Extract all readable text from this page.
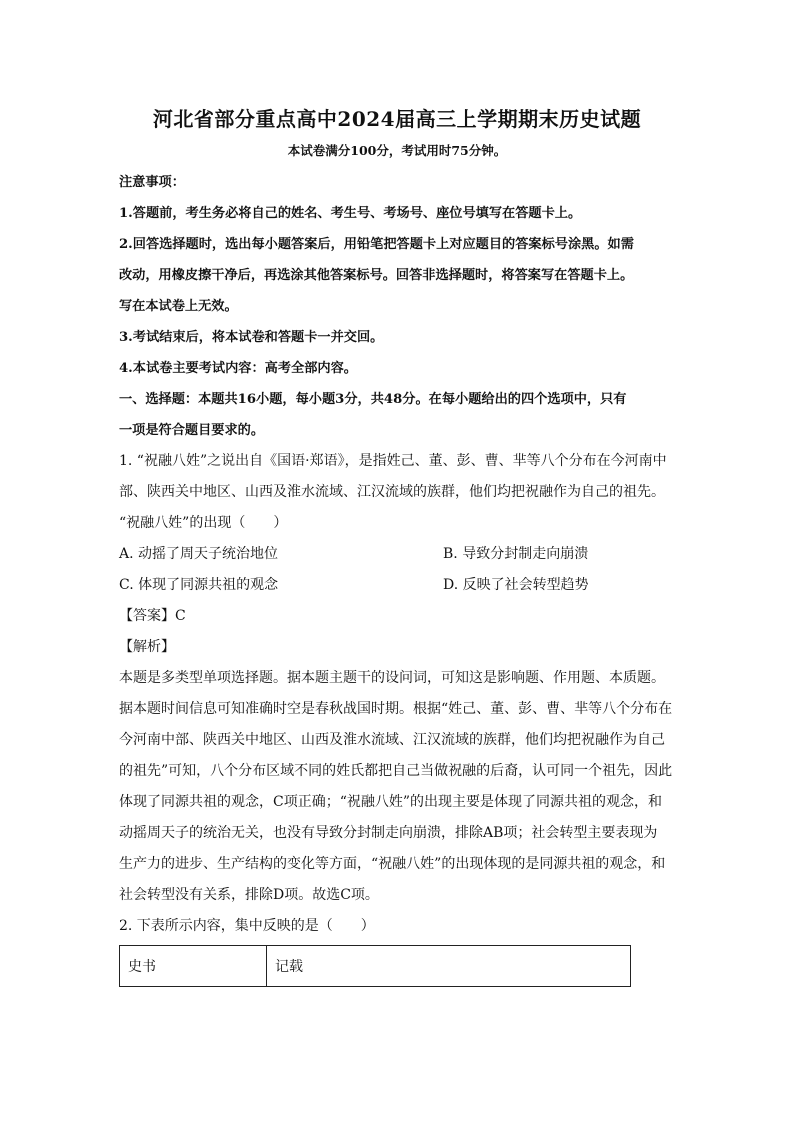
河北省部分重点高中2024届高三上学期期末历史试题
本试卷满分100分，考试用时75分钟。

注意事项：

1.答题前，考生务必将自己的姓名、考生号、考场号、座位号填写在答题卡上。

2.回答选择题时，选出每小题答案后，用铅笔把答题卡上对应题目的答案标号涂黑。如需

改动，用橡皮擦干净后，再选涂其他答案标号。回答非选择题时，将答案写在答题卡上。

写在本试卷上无效。

3.考试结束后，将本试卷和答题卡一并交回。

4.本试卷主要考试内容：高考全部内容。

一、选择题：本题共16小题，每小题3分，共48分。在每小题给出的四个选项中，只有

一项是符合题目要求的。

1. “祝融八姓”之说出自《国语·郑语》，是指姓己、董、彭、曹、芈等八个分布在今河南中

部、陕西关中地区、山西及淮水流域、江汉流域的族群，他们均把祝融作为自己的祖先。

“祝融八姓”的出现（　　）

A. 动摇了周天子统治地位	B. 导致分封制走向崩溃
C. 体现了同源共祖的观念	D. 反映了社会转型趋势

【答案】C

【解析】

本题是多类型单项选择题。据本题主题干的设问词，可知这是影响题、作用题、本质题。

据本题时间信息可知准确时空是春秋战国时期。根据“姓己、董、彭、曹、芈等八个分布在

今河南中部、陕西关中地区、山西及淮水流域、江汉流域的族群，他们均把祝融作为自己

的祖先”可知，八个分布区域不同的姓氏都把自己当做祝融的后裔，认可同一个祖先，因此

体现了同源共祖的观念，C项正确；“祝融八姓”的出现主要是体现了同源共祖的观念，和

动摇周天子的统治无关，也没有导致分封制走向崩溃，排除AB项；社会转型主要表现为

生产力的进步、生产结构的变化等方面，“祝融八姓”的出现体现的是同源共祖的观念，和

社会转型没有关系，排除D项。故选C项。

2. 下表所示内容，集中反映的是（　　）

史书	记载
